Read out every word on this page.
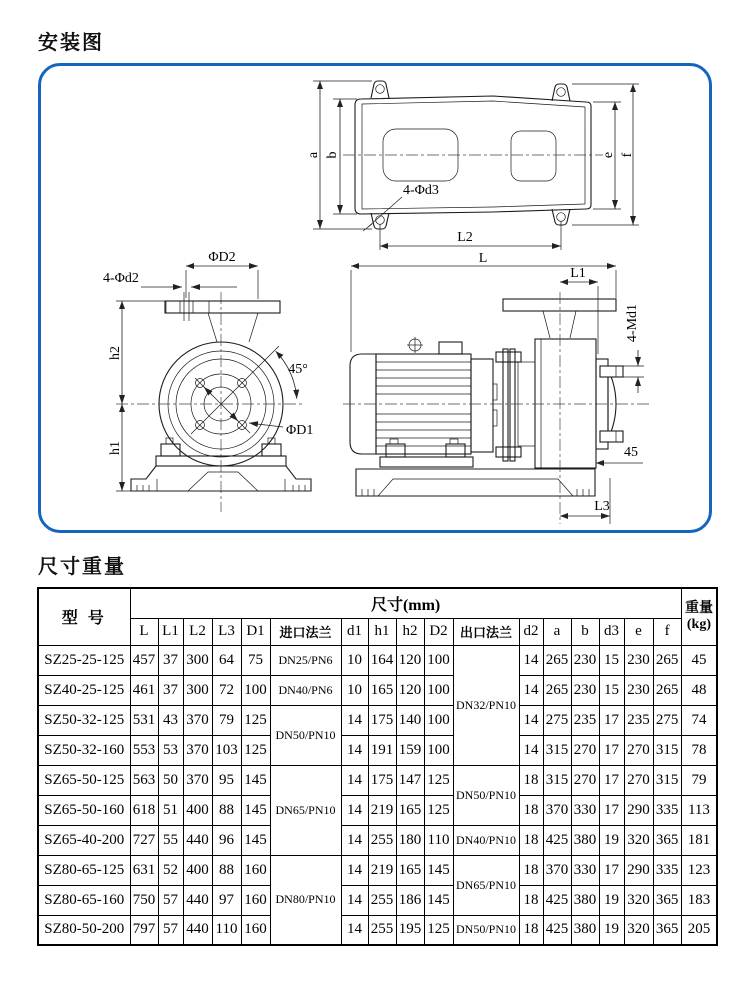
安装图
a b	e f
4-Φd3
L2
L
L1
45°
ΦD1
ΦD2
4-Φd2
h2
h1
4-Md1
45
L3
尺寸重量
型 号	尺寸(mm)																	重量
(kg)
	L	L1	L2	L3	D1	进口法兰	d1	h1	h2	D2	出口法兰	d2	a	b	d3	e	f	
SZ25-25-125	457	37	300	64	75	DN25/PN6	10	164	120	100	DN32/PN10	14	265	230	15	230	265	45
SZ40-25-125	461	37	300	72	100	DN40/PN6	10	165	120	100		14	265	230	15	230	265	48
SZ50-32-125	531	43	370	79	125	DN50/PN10	14	175	140	100		14	275	235	17	235	275	74
SZ50-32-160	553	53	370	103	125		14	191	159	100		14	315	270	17	270	315	78
SZ65-50-125	563	50	370	95	145	DN65/PN10	14	175	147	125	DN50/PN10	18	315	270	17	270	315	79
SZ65-50-160	618	51	400	88	145		14	219	165	125		18	370	330	17	290	335	113
SZ65-40-200	727	55	440	96	145		14	255	180	110	DN40/PN10	18	425	380	19	320	365	181
SZ80-65-125	631	52	400	88	160	DN80/PN10	14	219	165	145	DN65/PN10	18	370	330	17	290	335	123
SZ80-65-160	750	57	440	97	160		14	255	186	145		18	425	380	19	320	365	183
SZ80-50-200	797	57	440	110	160		14	255	195	125	DN50/PN10	18	425	380	19	320	365	205
